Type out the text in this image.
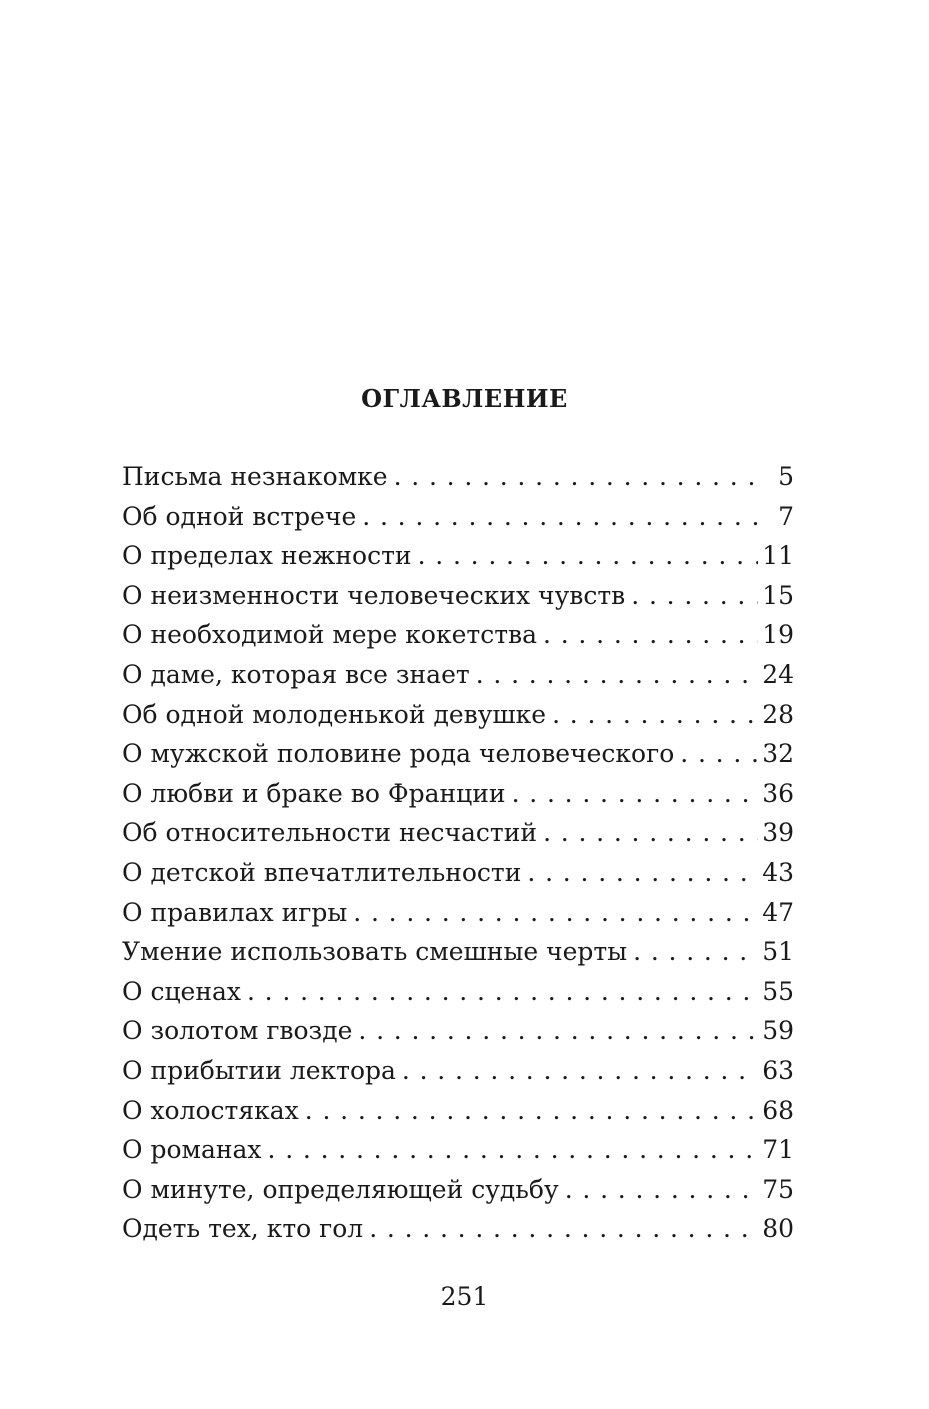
ОГЛАВЛЕНИЕ
Письма незнакомке . . .	5
Об одной встрече . . .	7
О пределах нежности . . .	11
О неизменности человеческих чувств . . .	15
О необходимой мере кокетства . . .	19
О даме, которая все знает . . .	24
Об одной молоденькой девушке . . .	28
О мужской половине рода человеческого . . .	32
О любви и браке во Франции . . .	36
Об относительности несчастий . . .	39
О детской впечатлительности . . .	43
О правилах игры . . .	47
Умение использовать смешные черты . . .	51
О сценах . . .	55
О золотом гвозде . . .	59
О прибытии лектора . . .	63
О холостяках . . .	68
О романах . . .	71
О минуте, определяющей судьбу . . .	75
Одеть тех, кто гол . . .	80
251
